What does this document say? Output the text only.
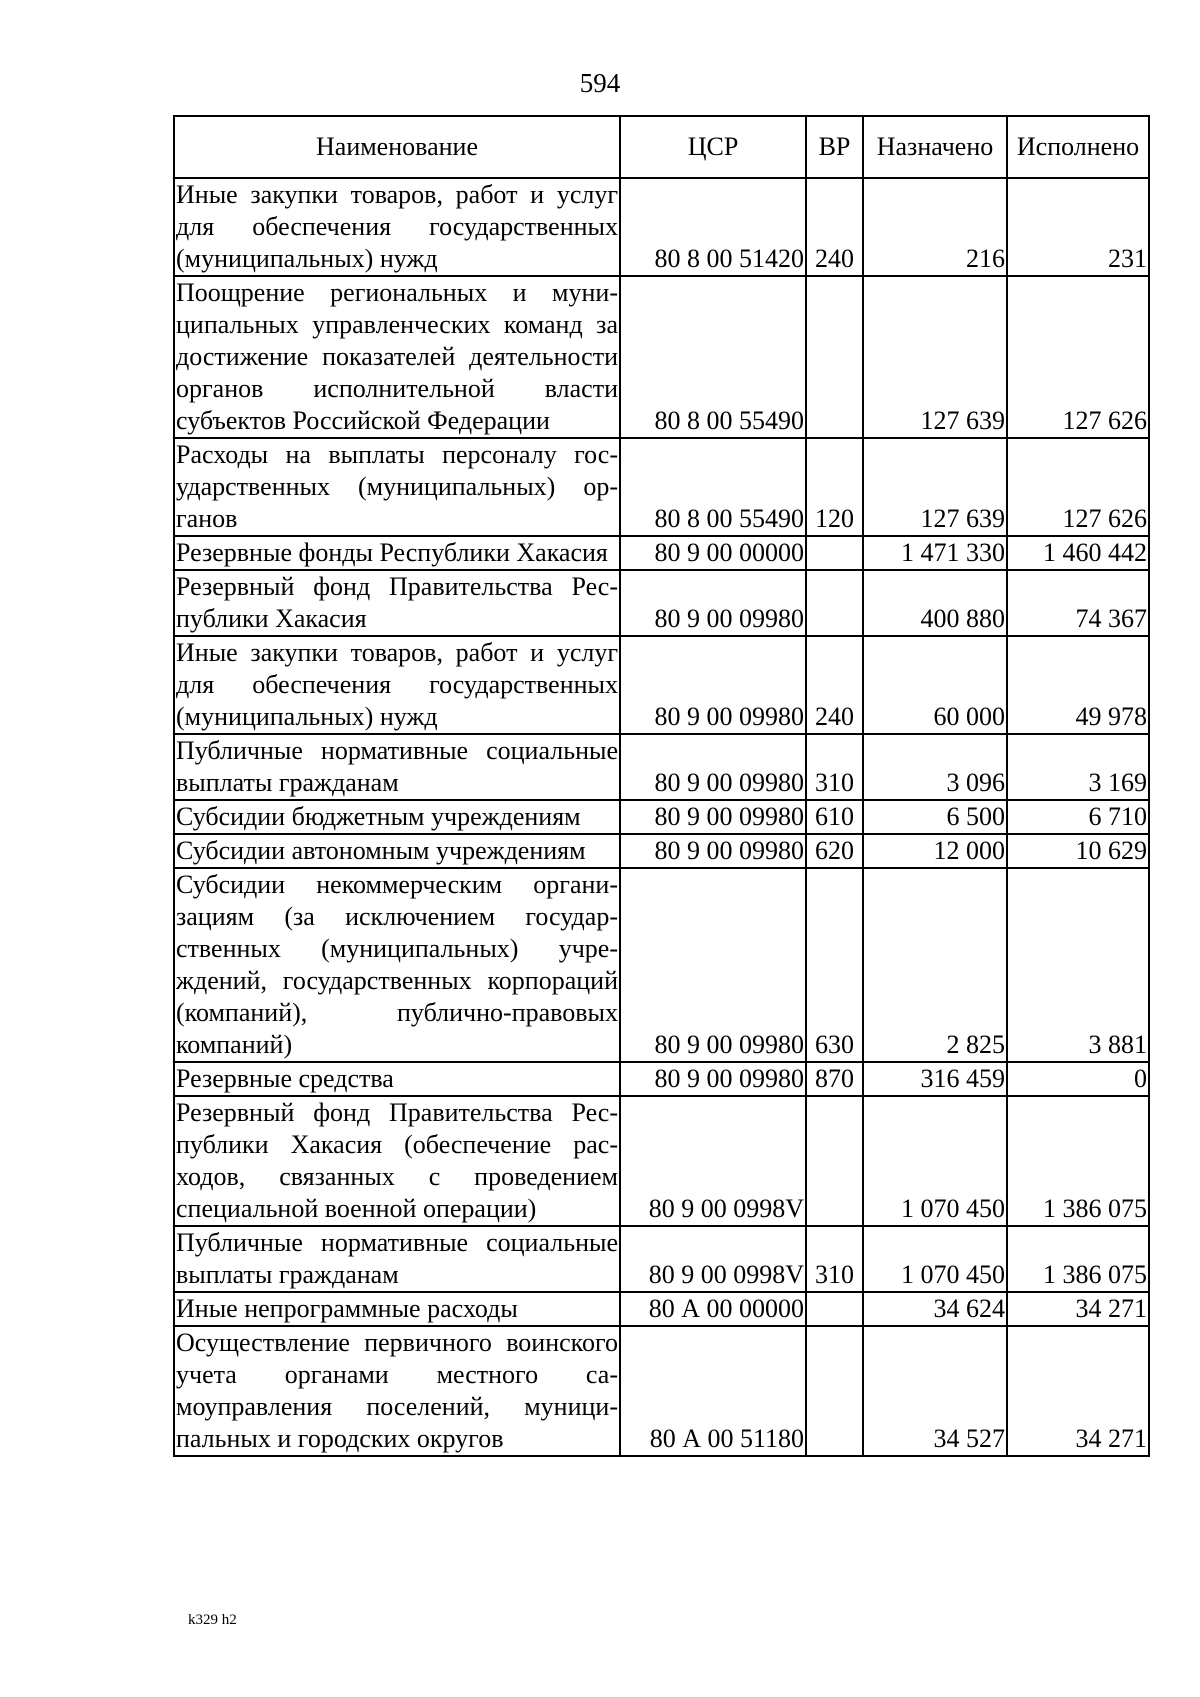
594
Наименование	ЦСР	ВР	Назначено	Исполнено
Иные закупки товаров, работ и услуг для обеспечения государственных (муниципальных) нужд	80 8 00 51420	240	216	231
Поощрение региональных и муниципальных управленческих команд за достижение показателей деятельности органов исполнительной власти субъектов Российской Федерации	80 8 00 55490		127 639	127 626
Расходы на выплаты персоналу государственных (муниципальных) органов	80 8 00 55490	120	127 639	127 626
Резервные фонды Республики Хакасия	80 9 00 00000		1 471 330	1 460 442
Резервный фонд Правительства Республики Хакасия	80 9 00 09980		400 880	74 367
Иные закупки товаров, работ и услуг для обеспечения государственных (муниципальных) нужд	80 9 00 09980	240	60 000	49 978
Публичные нормативные социальные выплаты гражданам	80 9 00 09980	310	3 096	3 169
Субсидии бюджетным учреждениям	80 9 00 09980	610	6 500	6 710
Субсидии автономным учреждениям	80 9 00 09980	620	12 000	10 629
Субсидии некоммерческим организациям (за исключением государственных (муниципальных) учреждений, государственных корпораций (компаний), публично-правовых компаний)	80 9 00 09980	630	2 825	3 881
Резервные средства	80 9 00 09980	870	316 459	0
Резервный фонд Правительства Республики Хакасия (обеспечение расходов, связанных с проведением специальной военной операции)	80 9 00 0998V		1 070 450	1 386 075
Публичные нормативные социальные выплаты гражданам	80 9 00 0998V	310	1 070 450	1 386 075
Иные непрограммные расходы	80 А 00 00000		34 624	34 271
Осуществление первичного воинского учета органами местного самоуправления поселений, муниципальных и городских округов	80 А 00 51180		34 527	34 271
k329 h2
